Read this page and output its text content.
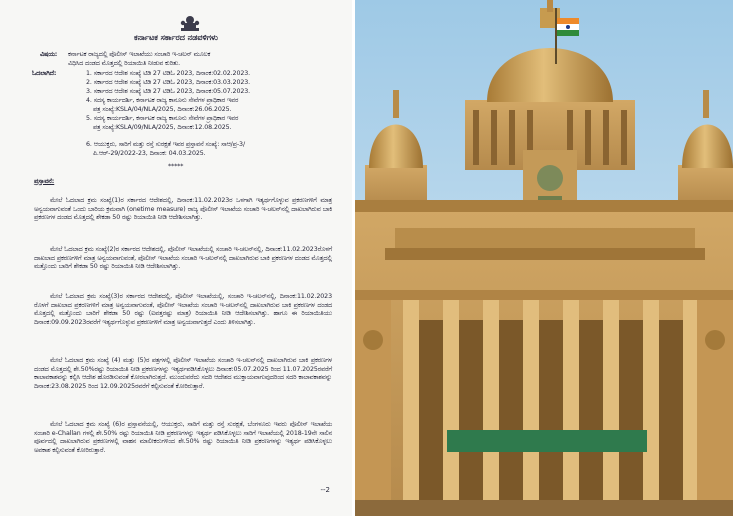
ಕರ್ನಾಟಕ ಸರ್ಕಾರದ ನಡವಳಿಗಳು
ವಿಷಯ: ಕರ್ನಾಟಕ ರಾಜ್ಯದಲ್ಲಿ ಪೊಲೀಸ್ ಇಲಾಖೆಯು ಸಂಚಾರಿ ಇ-ಚಲನ್ ಮೂಲಕ
ವಿಧಿಸಿದ ದಂಡದ ಮೊತ್ತದಲ್ಲಿ ರಿಯಾಯಿತಿ ನೀಡುವ ಕುರಿತು.
ಓದಲಾಗಿದೆ:	1. ಸರ್ಕಾರದ ಆದೇಶ ಸಂಖ್ಯೆ ಟಿಡಿ 27 ಟಿಡಿಓ 2023, ದಿನಾಂಕ:02.02.2023.
2. ಸರ್ಕಾರದ ಆದೇಶ ಸಂಖ್ಯೆ ಟಿಡಿ 27 ಟಿಡಿಓ 2023, ದಿನಾಂಕ:03.03.2023.
3. ಸರ್ಕಾರದ ಆದೇಶ ಸಂಖ್ಯೆ ಟಿಡಿ 27 ಟಿಡಿಓ 2023, ದಿನಾಂಕ:05.07.2023.
4. ಸದಸ್ಯ ಕಾರ್ಯದರ್ಶಿ, ಕರ್ನಾಟಕ ರಾಜ್ಯ ಕಾನೂನು ಸೇವೆಗಳ ಪ್ರಾಧಿಕಾರ ಇವರ
ಪತ್ರ ಸಂಖ್ಯೆ:KSLA/04/NLA/2025, ದಿನಾಂಕ:26.06.2025.
5. ಸದಸ್ಯ ಕಾರ್ಯದರ್ಶಿ, ಕರ್ನಾಟಕ ರಾಜ್ಯ ಕಾನೂನು ಸೇವೆಗಳ ಪ್ರಾಧಿಕಾರ ಇವರ
ಪತ್ರ ಸಂಖ್ಯೆ:KSLA/09/NLA/2025, ದಿನಾಂಕ:12.08.2025.
6. ಆಯುಕ್ತರು, ಸಾರಿಗೆ ಮತ್ತು ರಸ್ತೆ ಸುರಕ್ಷತೆ ಇವರ ಪ್ರಸ್ತಾವನೆ ಸಂಖ್ಯೆ: ಸಾಆ/ಪ್ರ-3/
ಪಿ.ಆರ್-29/2022-23, ದಿನಾಂಕ: 04.03.2025.
*****
ಪ್ರಸ್ತಾವನೆ:
ಮೇಲೆ ಓದಲಾದ ಕ್ರಮ ಸಂಖ್ಯೆ(1)ರ ಸರ್ಕಾರದ ಆದೇಶದಲ್ಲಿ, ದಿನಾಂಕ:11.02.2023ರ ಒಳಗಾಗಿ ಇತ್ಯರ್ಥಗೊಳ್ಳುವ ಪ್ರಕರಣಗಳಿಗೆ ಮಾತ್ರ ಅನ್ವಯವಾಗುವಂತೆ ಒಂದು ಬಾರಿಯ ಕ್ರಮವಾಗಿ (onetime measure) ರಾಜ್ಯ ಪೊಲೀಸ್ ಇಲಾಖೆಯ ಸಂಚಾರಿ ಇ-ಚಲನ್‌ನಲ್ಲಿ ದಾಖಲಾಗಿರುವ ಬಾಕಿ ಪ್ರಕರಣಗಳ ದಂಡದ ಮೊತ್ತದಲ್ಲಿ ಶೇಕಡಾ 50 ರಷ್ಟು ರಿಯಾಯಿತಿ ನೀಡಿ ಆದೇಶಿಸಲಾಗಿತ್ತು.
ಮೇಲೆ ಓದಲಾದ ಕ್ರಮ ಸಂಖ್ಯೆ(2)ರ ಸರ್ಕಾರದ ಆದೇಶದಲ್ಲಿ, ಪೊಲೀಸ್ ಇಲಾಖೆಯಲ್ಲಿ ಸಂಚಾರಿ ಇ-ಚಲನ್‌ನಲ್ಲಿ, ದಿನಾಂಕ:11.02.2023ರೊಳಗೆ ದಾಖಲಾದ ಪ್ರಕರಣಗಳಿಗೆ ಮಾತ್ರ ಅನ್ವಯವಾಗುವಂತೆ, ಪೊಲೀಸ್ ಇಲಾಖೆಯ ಸಂಚಾರಿ ಇ-ಚಲನ್‌ನಲ್ಲಿ ದಾಖಲಾಗಿರುವ ಬಾಕಿ ಪ್ರಕರಣಗಳ ದಂಡದ ಮೊತ್ತದಲ್ಲಿ ಮತ್ತೊಂದು ಬಾರಿಗೆ ಶೇಕಡಾ 50 ರಷ್ಟು ರಿಯಾಯಿತಿ ನೀಡಿ ಆದೇಶಿಸಲಾಗಿತ್ತು.
ಮೇಲೆ ಓದಲಾದ ಕ್ರಮ ಸಂಖ್ಯೆ(3)ರ ಸರ್ಕಾರದ ಆದೇಶದಲ್ಲಿ, ಪೊಲೀಸ್ ಇಲಾಖೆಯಲ್ಲಿ, ಸಂಚಾರಿ ಇ-ಚಲನ್‌ನಲ್ಲಿ, ದಿನಾಂಕ:11.02.2023 ರೊಳಗೆ ದಾಖಲಾದ ಪ್ರಕರಣಗಳಿಗೆ ಮಾತ್ರ ಅನ್ವಯವಾಗುವಂತೆ, ಪೊಲೀಸ್ ಇಲಾಖೆಯ ಸಂಚಾರಿ ಇ-ಚಲನ್‌ನಲ್ಲಿ ದಾಖಲಾಗಿರುವ ಬಾಕಿ ಪ್ರಕರಣಗಳ ದಂಡದ ಮೊತ್ತದಲ್ಲಿ ಮತ್ತೊಂದು ಬಾರಿಗೆ ಶೇಕಡಾ 50 ರಷ್ಟು (ಐವತ್ತರಷ್ಟು ಮಾತ್ರ) ರಿಯಾಯಿತಿ ನೀಡಿ ಆದೇಶಿಸಲಾಗಿತ್ತು. ಹಾಗೂ ಈ ರಿಯಾಯಿತಿಯು ದಿನಾಂಕ:09.09.2023ರವರೆಗೆ ಇತ್ಯರ್ಥಗೊಳ್ಳುವ ಪ್ರಕರಣಗಳಿಗೆ ಮಾತ್ರ ಅನ್ವಯವಾಗುತ್ತದೆ ಎಂದು ತಿಳಿಸಲಾಗಿತ್ತು.
ಮೇಲೆ ಓದಲಾದ ಕ್ರಮ ಸಂಖ್ಯೆ (4) ಮತ್ತು (5)ರ ಪತ್ರಗಳಲ್ಲಿ ಪೊಲೀಸ್ ಇಲಾಖೆಯ ಸಂಚಾರಿ ಇ-ಚಲನ್‌ನಲ್ಲಿ ದಾಖಲಾಗಿರುವ ಬಾಕಿ ಪ್ರಕರಣಗಳ ದಂಡದ ಮೊತ್ತದಲ್ಲಿ ಶೇ.50%ರಷ್ಟು ರಿಯಾಯಿತಿ ನೀಡಿ ಪ್ರಕರಣಗಳನ್ನು ಇತ್ಯರ್ಥಪಡಿಸಿಕೊಳ್ಳಲು ದಿನಾಂಕ:05.07.2025 ರಿಂದ 11.07.2025ರವರೆಗೆ ಕಾಲಾವಕಾಶವನ್ನು ಕಲ್ಪಿಸಿ ಆದೇಶ ಹೊರಡಿಸುವಂತೆ ಕೋರಲಾಗಿರುತ್ತದೆ. ಮುಂದುವರೆದು ಸದರಿ ಆದೇಶದ ಮುಕ್ತಾಯವಾಗುವುದರಿಂದ ಸದರಿ ಕಾಲಾವಕಾಶವನ್ನು ದಿನಾಂಕ:23.08.2025 ರಿಂದ 12.09.2025ರವರೆಗೆ ಕಲ್ಪಿಸುವಂತೆ ಕೋರಿರುತ್ತಾರೆ.
ಮೇಲೆ ಓದಲಾದ ಕ್ರಮ ಸಂಖ್ಯೆ (6)ರ ಪ್ರಸ್ತಾವನೆಯಲ್ಲಿ, ಆಯುಕ್ತರು, ಸಾರಿಗೆ ಮತ್ತು ರಸ್ತೆ ಸುರಕ್ಷತೆ, ಬೆಂಗಳೂರು ಇವರು ಪೊಲೀಸ್ ಇಲಾಖೆಯ ಸಂಚಾರಿ e-Challan ಗಳಲ್ಲಿ ಶೇ.50% ರಷ್ಟು ರಿಯಾಯಿತಿ ನೀಡಿ ಪ್ರಕರಣಗಳನ್ನು ಇತ್ಯರ್ಥ ಪಡಿಸಿಕೊಳ್ಳಲು ಸಾರಿಗೆ ಇಲಾಖೆಯಲ್ಲಿ 2018-19ನೇ ಸಾಲಿನ ಪೂರ್ವದಲ್ಲಿ ದಾಖಲಾಗಿರುವ ಪ್ರಕರಣಗಳಲ್ಲಿ ವಾಹನ ಮಾಲೀಕರುಗಳಿಂದ ಶೇ.50% ರಷ್ಟು ರಿಯಾಯಿತಿ ನೀಡಿ ಪ್ರಕರಣಗಳನ್ನು ಇತ್ಯರ್ಥ ಪಡಿಸಿಕೊಳ್ಳಲು ಅವಕಾಶ ಕಲ್ಪಿಸುವಂತೆ ಕೋರಿರುತ್ತಾರೆ.
--2
